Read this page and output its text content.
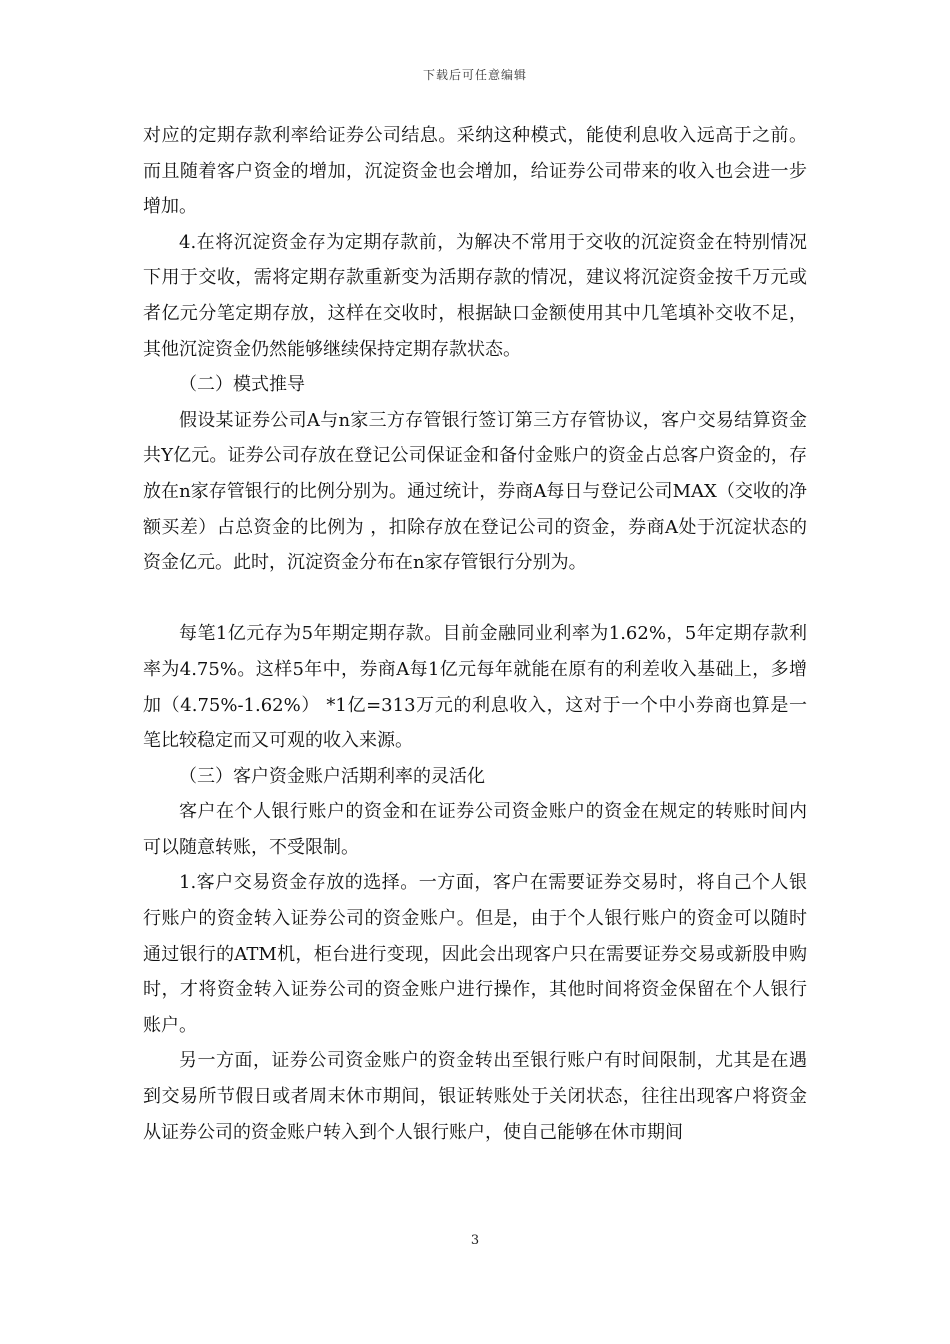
下载后可任意编辑

对应的定期存款利率给证券公司结息。采纳这种模式，能使利息收入远高于之前。而且随着客户资金的增加，沉淀资金也会增加，给证券公司带来的收入也会进一步增加。

4.在将沉淀资金存为定期存款前，为解决不常用于交收的沉淀资金在特别情况下用于交收，需将定期存款重新变为活期存款的情况，建议将沉淀资金按千万元或者亿元分笔定期存放，这样在交收时，根据缺口金额使用其中几笔填补交收不足，其他沉淀资金仍然能够继续保持定期存款状态。

（二）模式推导

假设某证券公司A与n家三方存管银行签订第三方存管协议，客户交易结算资金共Y亿元。证券公司存放在登记公司保证金和备付金账户的资金占总客户资金的，存放在n家存管银行的比例分别为。通过统计，券商A每日与登记公司MAX（交收的净额买差）占总资金的比例为 ，扣除存放在登记公司的资金，券商A处于沉淀状态的资金亿元。此时，沉淀资金分布在n家存管银行分别为。

每笔1亿元存为5年期定期存款。目前金融同业利率为1.62%，5年定期存款利率为4.75%。这样5年中，券商A每1亿元每年就能在原有的利差收入基础上，多增加（4.75%-1.62%） *1亿=313万元的利息收入，这对于一个中小券商也算是一笔比较稳定而又可观的收入来源。

（三）客户资金账户活期利率的灵活化

客户在个人银行账户的资金和在证券公司资金账户的资金在规定的转账时间内可以随意转账，不受限制。

1.客户交易资金存放的选择。一方面，客户在需要证券交易时，将自己个人银行账户的资金转入证券公司的资金账户。但是，由于个人银行账户的资金可以随时通过银行的ATM机，柜台进行变现，因此会出现客户只在需要证券交易或新股申购时，才将资金转入证券公司的资金账户进行操作，其他时间将资金保留在个人银行账户。

另一方面，证券公司资金账户的资金转出至银行账户有时间限制，尤其是在遇到交易所节假日或者周末休市期间，银证转账处于关闭状态，往往出现客户将资金从证券公司的资金账户转入到个人银行账户，使自己能够在休市期间

3
